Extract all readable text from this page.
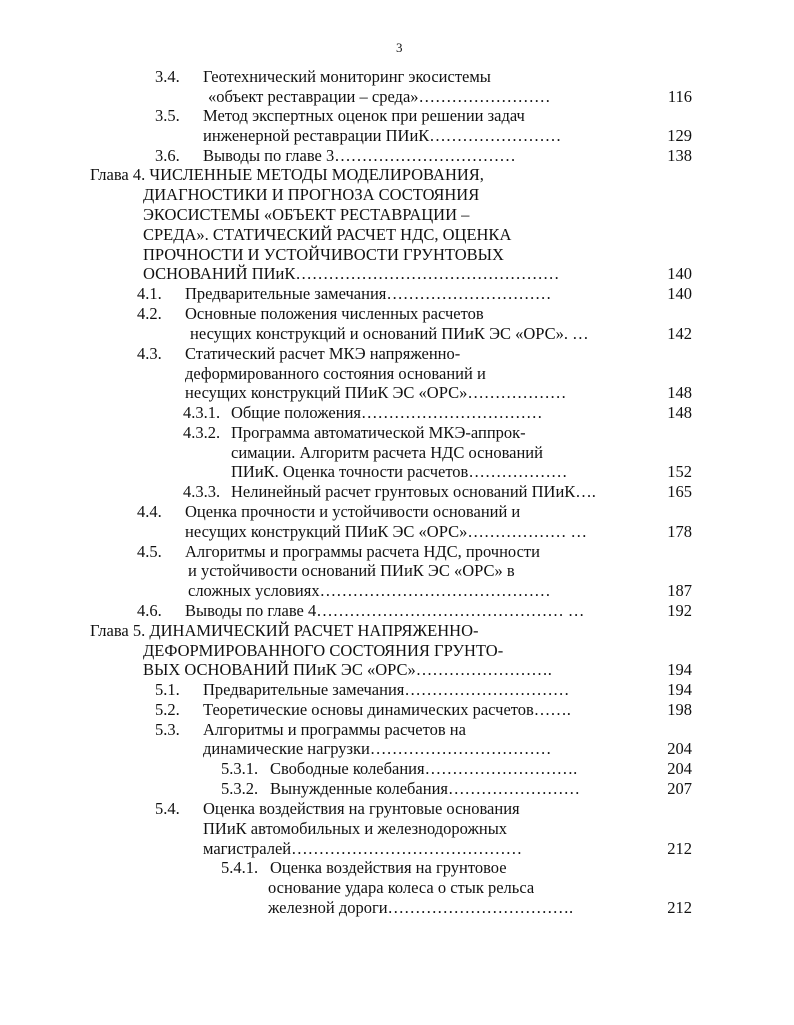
3
3.4. Геотехнический мониторинг экосистемы
«объект реставрации – среда»……………………	116
3.5. Метод экспертных оценок при решении задач
инженерной реставрации ПИиК……………………	129
3.6. Выводы по главе 3……………………………	138
Глава 4. ЧИСЛЕННЫЕ МЕТОДЫ МОДЕЛИРОВАНИЯ,
ДИАГНОСТИКИ И ПРОГНОЗА СОСТОЯНИЯ
ЭКОСИСТЕМЫ «ОБЪЕКТ РЕСТАВРАЦИИ –
СРЕДА». СТАТИЧЕСКИЙ РАСЧЕТ НДС, ОЦЕНКА
ПРОЧНОСТИ И УСТОЙЧИВОСТИ ГРУНТОВЫХ
ОСНОВАНИЙ ПИиК…………………………………………	140
4.1. Предварительные замечания…………………………	140
4.2. Основные положения численных расчетов
несущих конструкций и оснований ПИиК ЭС «ОРС». …	142
4.3. Статический расчет МКЭ напряженно-
деформированного состояния оснований и
несущих конструкций ПИиК ЭС «ОРС»………………	148
4.3.1. Общие положения……………………………	148
4.3.2. Программа автоматической МКЭ-аппрок-
симации. Алгоритм расчета НДС оснований
ПИиК. Оценка точности расчетов………………	152
4.3.3. Нелинейный расчет грунтовых оснований ПИиК….	165
4.4. Оценка прочности и устойчивости оснований и
несущих конструкций ПИиК ЭС «ОРС»……………… …	178
4.5. Алгоритмы и программы расчета НДС, прочности
и устойчивости оснований ПИиК ЭС «ОРС» в
сложных условиях……………………………………	187
4.6. Выводы по главе 4……………………………………… …	192
Глава 5. ДИНАМИЧЕСКИЙ РАСЧЕТ НАПРЯЖЕННО-
ДЕФОРМИРОВАННОГО СОСТОЯНИЯ ГРУНТО-
ВЫХ ОСНОВАНИЙ ПИиК ЭС «ОРС»…………………….	194
5.1. Предварительные замечания…………………………	194
5.2. Теоретические основы динамических расчетов…….	198
5.3. Алгоритмы и программы расчетов на
динамические нагрузки……………………………	204
5.3.1. Свободные колебания……………………….	204
5.3.2. Вынужденные колебания……………………	207
5.4. Оценка воздействия на грунтовые основания
ПИиК автомобильных и железнодорожных
магистралей……………………………………	212
5.4.1. Оценка воздействия на грунтовое
основание удара колеса о стык рельса
железной дороги…………………………….	212
